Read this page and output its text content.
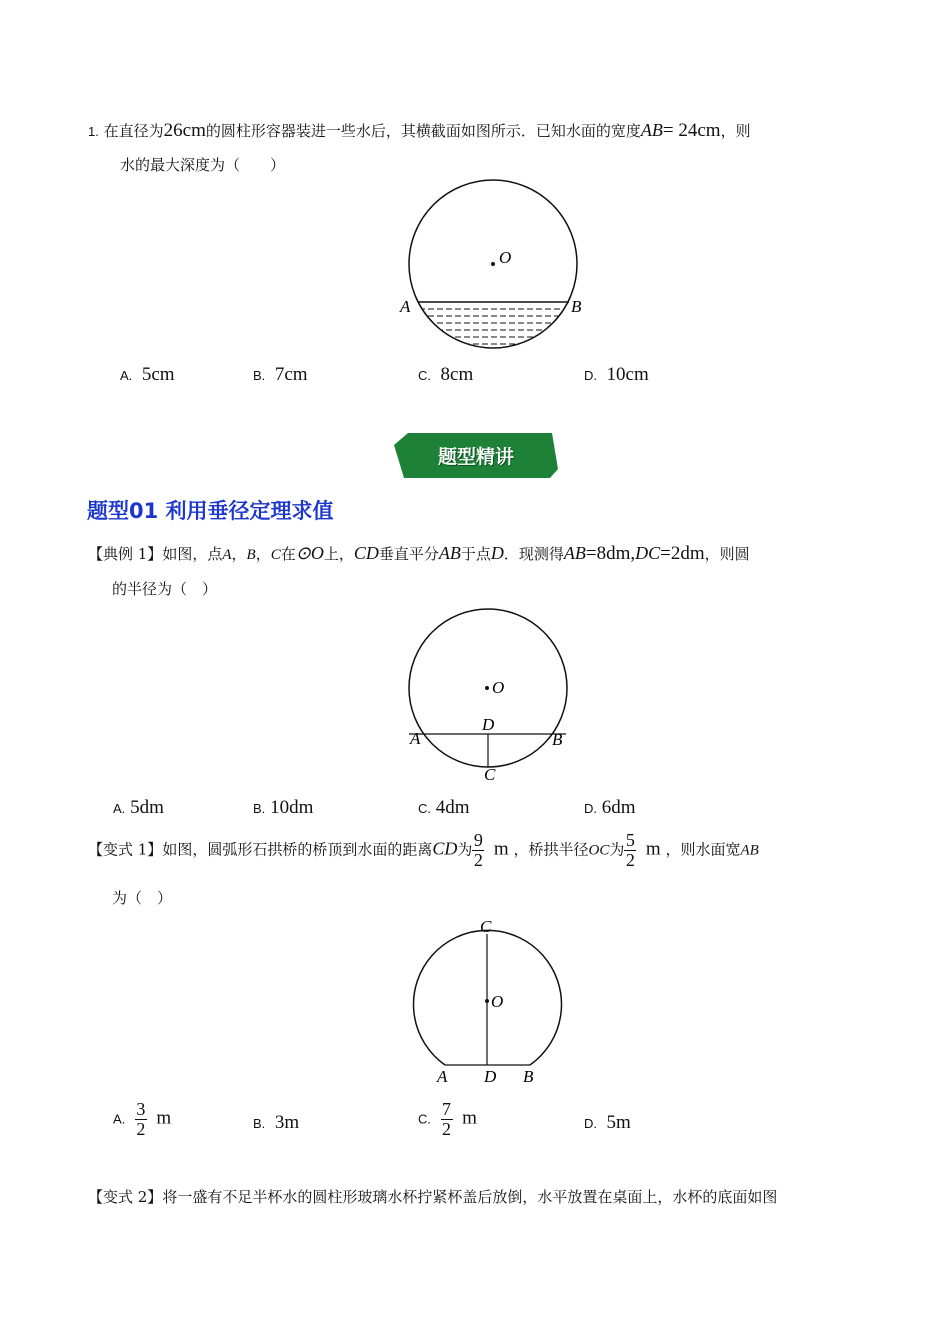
1. 在直径为26cm的圆柱形容器装进一些水后，其横截面如图所示．已知水面的宽度AB= 24cm，则
水的最大深度为（　　）
O
A	B
A. 5cm	B. 7cm	C. 8cm	D. 10cm
题型精讲
题型01 利用垂径定理求值
【典例 1】如图，点A，B，C在⊙O上，CD垂直平分AB于点D．现测得AB=8dm,DC=2dm，则圆
的半径为（　）
O
A	B
D
C
A. 5dm	B. 10dm	C. 4dm	D. 6dm
【变式 1】如图，圆弧形石拱桥的桥顶到水面的距离CD为 $\frac{9}{2}$ m ，桥拱半径OC为 $\frac{5}{2}$ m ，则水面宽AB
为（　）
O
C
A D B
A. $\frac{3}{2}$ m	B. 3m	C. $\frac{7}{2}$ m	D. 5m
【变式 2】将一盛有不足半杯水的圆柱形玻璃水杯拧紧杯盖后放倒，水平放置在桌面上，水杯的底面如图
